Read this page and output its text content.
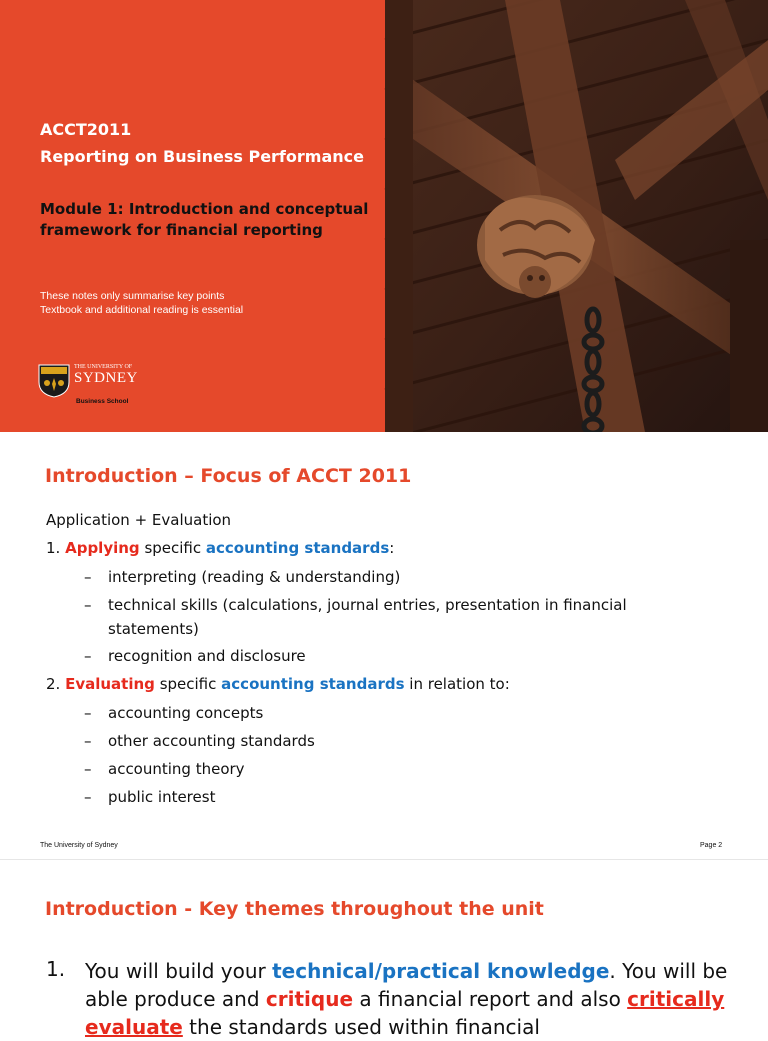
ACCT2011
Reporting on Business Performance

Module 1: Introduction and conceptual framework for financial reporting

These notes only summarise key points

Textbook and additional reading is essential

THE UNIVERSITY OF
SYDNEY
Business School
Introduction – Focus of ACCT 2011

Application + Evaluation

1. Applying specific accounting standards:

– interpreting (reading & understanding)

– technical skills (calculations, journal entries, presentation in financial

statements)

– recognition and disclosure

2. Evaluating specific accounting standards in relation to:

– accounting concepts

– other accounting standards

– accounting theory

– public interest

The University of Sydney	Page 2
Introduction - Key themes throughout the unit
1. You will build your technical/practical knowledge. You will be able produce and critique a financial report and also critically evaluate the standards used within financial
